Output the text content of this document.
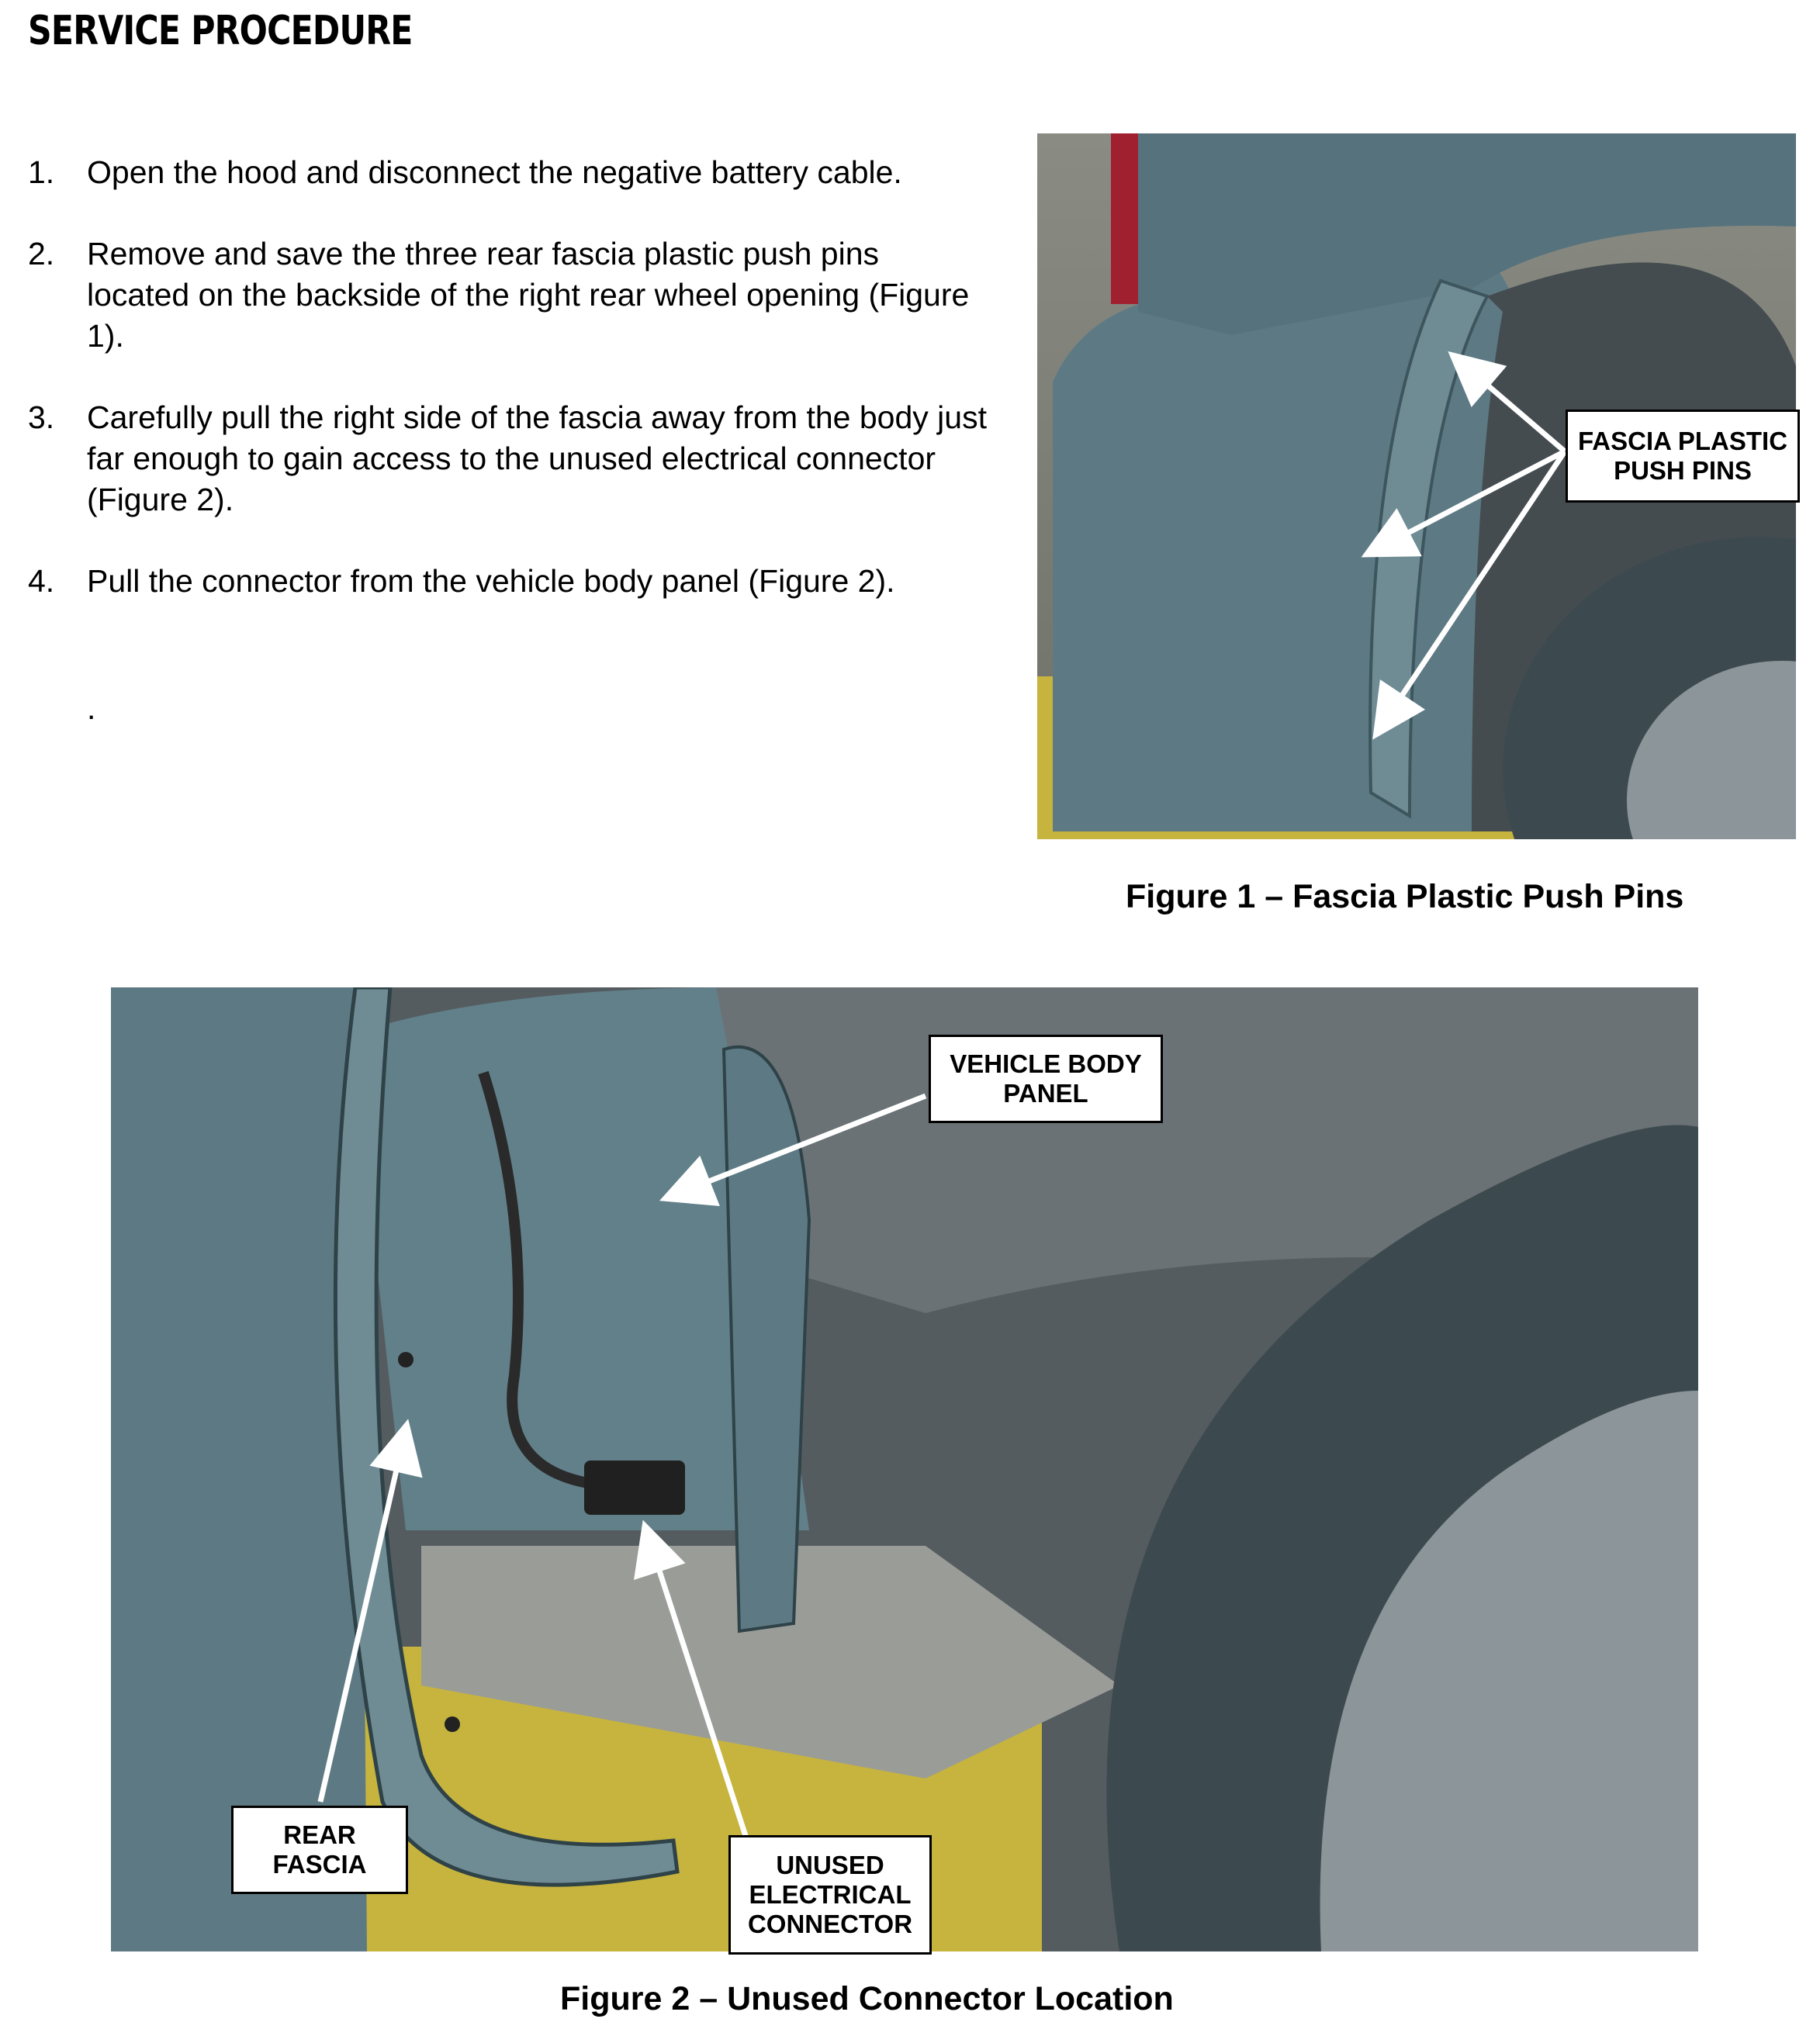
SERVICE PROCEDURE
1.	Open the hood and disconnect the negative battery cable.
2.	Remove and save the three rear fascia plastic push pins located on the backside of the right rear wheel opening (Figure 1).
3.	Carefully pull the right side of the fascia away from the body just far enough to gain access to the unused electrical connector (Figure 2).
4.	Pull the connector from the vehicle body panel (Figure 2).
.
FASCIA PLASTIC PUSH PINS
Figure 1 – Fascia Plastic Push Pins
VEHICLE BODY PANEL
REAR FASCIA	UNUSED ELECTRICAL CONNECTOR
Figure 2 – Unused Connector Location
